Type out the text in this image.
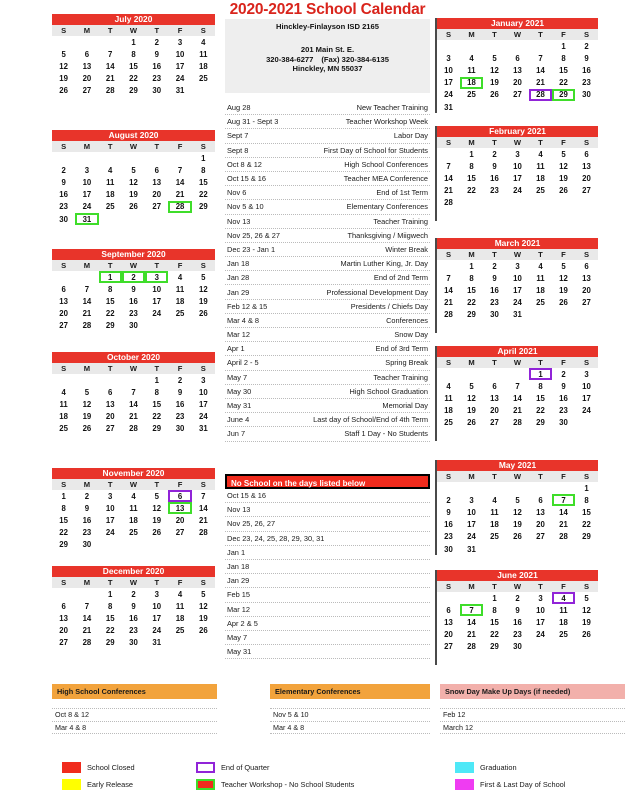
2020-2021 School Calendar
Hinckley-Finlayson ISD 2165
201 Main St. E.
320-384-6277 (Fax) 320-384-6135
Hinckley, MN 55037
July 2020
S	M	T	W	T	F	S
			1	2	3	4
5	6	7	8	9	10	11
12	13	14	15	16	17	18
19	20	21	22	23	24	25
26	27	28	29	30	31	

August 2020
S	M	T	W	T	F	S
						1
2	3	4	5	6	7	8
9	10	11	12	13	14	15
16	17	18	19	20	21	22
23	24	25	26	27	28	29
30	31					
September 2020
S	M	T	W	T	F	S
		1	2	3	4	5
6	7	8	9	10	11	12
13	14	15	16	17	18	19
20	21	22	23	24	25	26
27	28	29	30			

October 2020
S	M	T	W	T	F	S
				1	2	3
4	5	6	7	8	9	10
11	12	13	14	15	16	17
18	19	20	21	22	23	24
25	26	27	28	29	30	31

November 2020
S	M	T	W	T	F	S
1	2	3	4	5	6	7
8	9	10	11	12	13	14
15	16	17	18	19	20	21
22	23	24	25	26	27	28
29	30					

December 2020
S	M	T	W	T	F	S
		1	2	3	4	5
6	7	8	9	10	11	12
13	14	15	16	17	18	19
20	21	22	23	24	25	26
27	28	29	30	31		

January 2021
S	M	T	W	T	F	S
					1	2
3	4	5	6	7	8	9
10	11	12	13	14	15	16
17	18	19	20	21	22	23
24	25	26	27	28	29	30
31						
February 2021
S	M	T	W	T	F	S
	1	2	3	4	5	6
7	8	9	10	11	12	13
14	15	16	17	18	19	20
21	22	23	24	25	26	27
28						

March 2021
S	M	T	W	T	F	S
	1	2	3	4	5	6
7	8	9	10	11	12	13
14	15	16	17	18	19	20
21	22	23	24	25	26	27
28	29	30	31			

April 2021
S	M	T	W	T	F	S
				1	2	3
4	5	6	7	8	9	10
11	12	13	14	15	16	17
18	19	20	21	22	23	24
25	26	27	28	29	30	

May 2021
S	M	T	W	T	F	S
						1
2	3	4	5	6	7	8
9	10	11	12	13	14	15
16	17	18	19	20	21	22
23	24	25	26	27	28	29
30	31					
June 2021
S	M	T	W	T	F	S
		1	2	3	4	5
6	7	8	9	10	11	12
13	14	15	16	17	18	19
20	21	22	23	24	25	26
27	28	29	30			

Aug 28	New Teacher Training
Aug 31 - Sept 3	Teacher Workshop Week
Sept 7	Labor Day
Sept 8	First Day of School for Students
Oct 8 & 12	High School Conferences
Oct 15 & 16	Teacher MEA Conference
Nov 6	End of 1st Term
Nov 5 & 10	Elementary Conferences
Nov 13	Teacher Training
Nov 25, 26 & 27	Thanksgiving / Miigwech
Dec 23 - Jan 1	Winter Break
Jan 18	Martin Luther King, Jr. Day
Jan 28	End of 2nd Term
Jan 29	Professional Development Day
Feb 12 & 15	Presidents / Chiefs Day
Mar 4 & 8	Conferences
Mar 12	Snow Day
Apr 1	End of 3rd Term
April 2 - 5	Spring Break
May 7	Teacher Training
May 30	High School Graduation
May 31	Memorial Day
June 4	Last day of School/End of 4th Term
Jun 7	Staff 1 Day - No Students
No School on the days listed below
Oct 15 & 16
Nov 13
Nov 25, 26, 27
Dec 23, 24, 25, 28, 29, 30, 31
Jan 1
Jan 18
Jan 29
Feb 15
Mar 12
Apr 2 & 5
May 7
May 31
High School Conferences
Oct 8 & 12
Mar 4 & 8
Elementary Conferences
Nov 5 & 10
Mar 4 & 8
Snow Day Make Up Days (if needed)
Feb 12
March 12
School Closed
Early Release
End of Quarter
Teacher Workshop - No School Students
Graduation
First & Last Day of School
